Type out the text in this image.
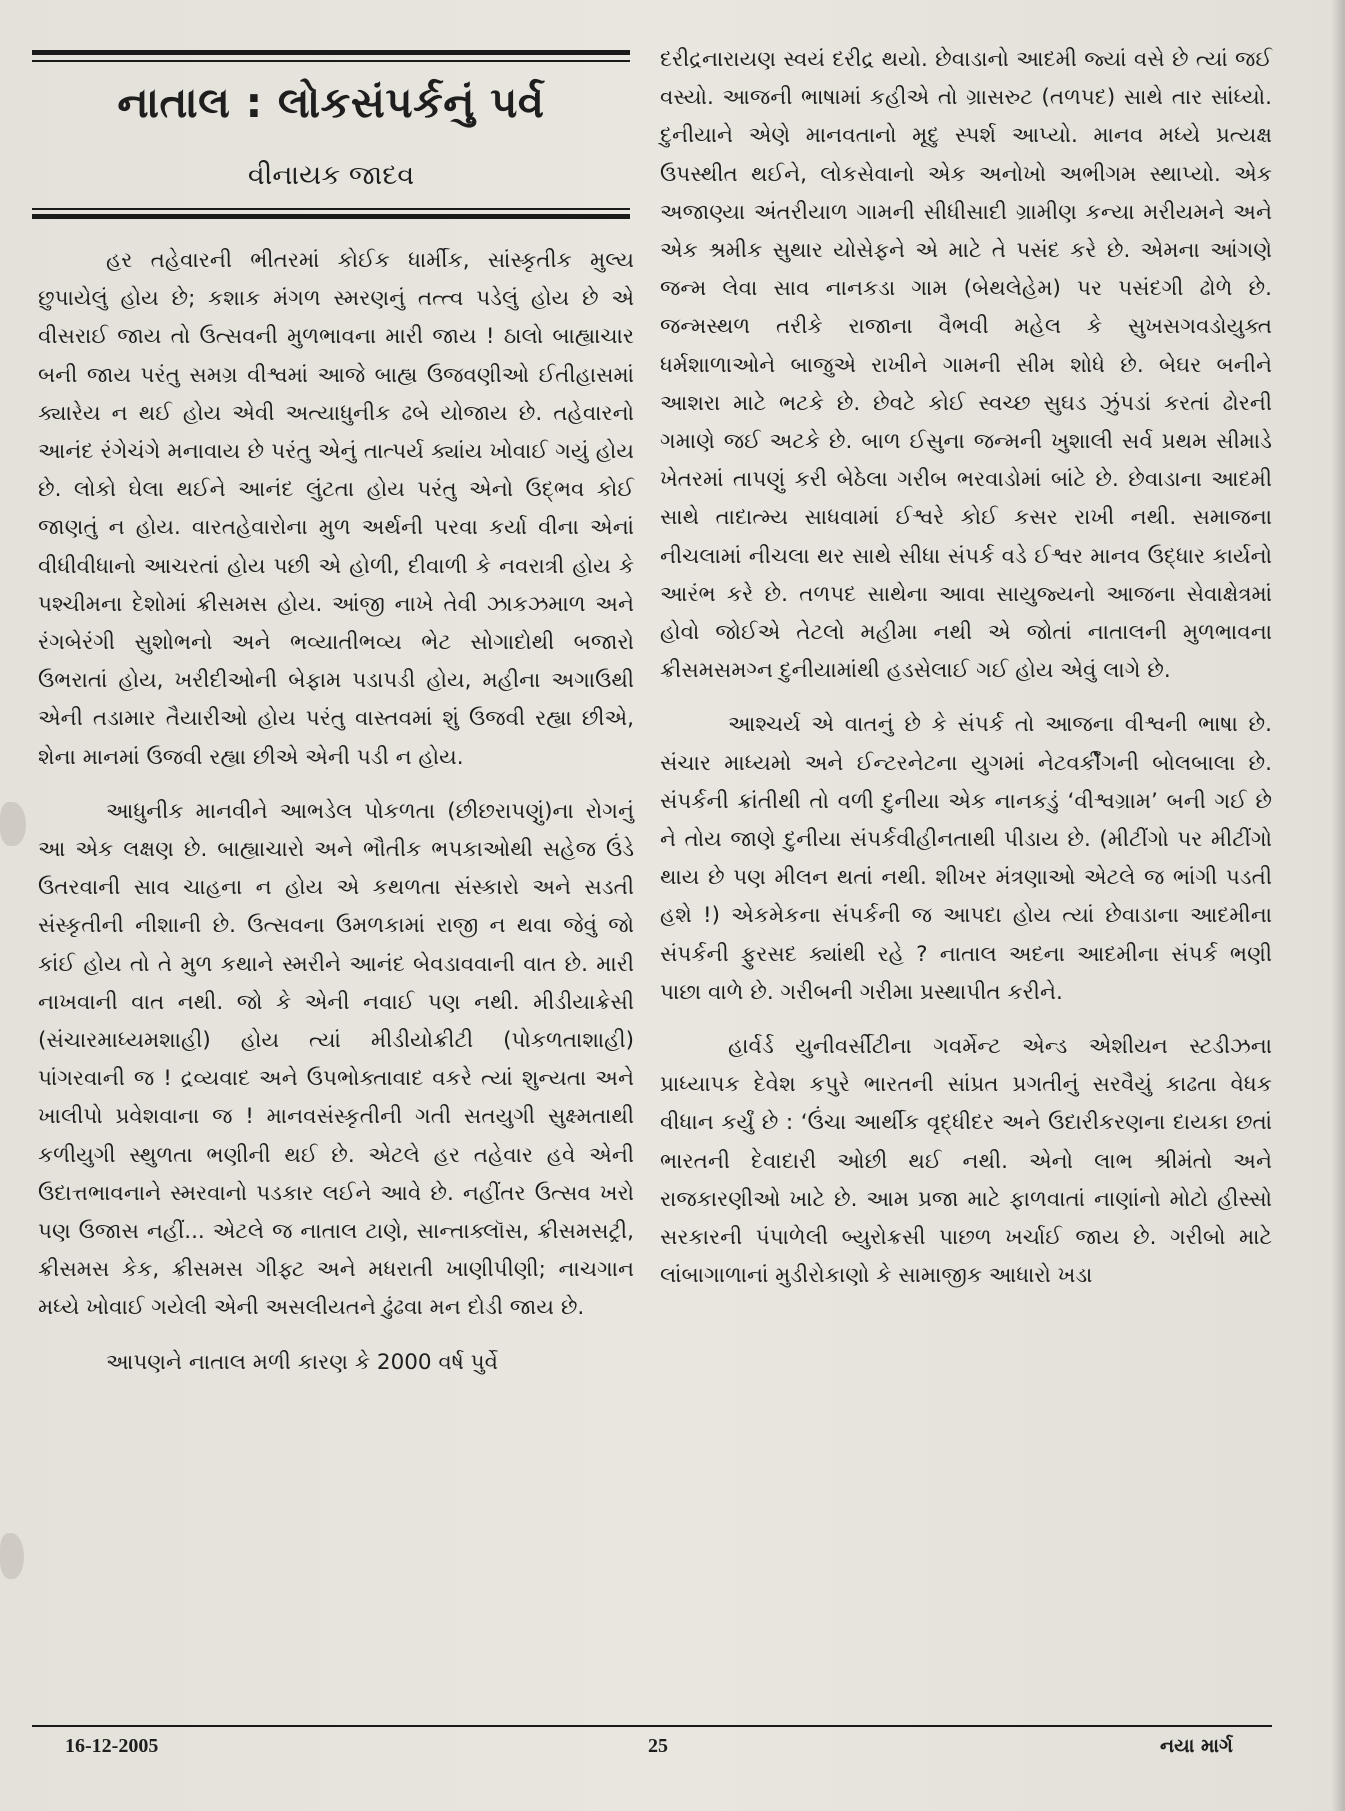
નાતાલ : લોકસંપર્કનું પર્વ
વીનાયક જાદવ

હર તહેવારની ભીતરમાં કોઈક ધાર્મીક, સાંસ્કૃતીક મુલ્ય છુપાયેલું હોય છે; કશાક મંગળ સ્મરણનું તત્ત્વ પડેલું હોય છે એ વીસરાઈ જાય તો ઉત્સવની મુળભાવના મારી જાય ! ઠાલો બાહ્યાચાર બની જાય પરંતુ સમગ્ર વીશ્વમાં આજે બાહ્ય ઉજવણીઓ ઈતીહાસમાં ક્યારેય ન થઈ હોય એવી અત્યાધુનીક ઢબે યોજાય છે. તહેવારનો આનંદ રંગેચંગે મનાવાય છે પરંતુ એનું તાત્પર્ય ક્યાંય ખોવાઈ ગયું હોય છે. લોકો ઘેલા થઈને આનંદ લુંટતા હોય પરંતુ એનો ઉદ્ભવ કોઈ જાણતું ન હોય. વારતહેવારોના મુળ અર્થની પરવા કર્યા વીના એનાં વીધીવીધાનો આચરતાં હોય પછી એ હોળી, દીવાળી કે નવરાત્રી હોય કે પશ્ચીમના દેશોમાં ક્રીસમસ હોય. આંજી નાખે તેવી ઝાકઝમાળ અને રંગબેરંગી સુશોભનો અને ભવ્યાતીભવ્ય ભેટ સોગાદોથી બજારો ઉભરાતાં હોય, ખરીદીઓની બેફામ પડાપડી હોય, મહીના અગાઉથી એની તડામાર તૈયારીઓ હોય પરંતુ વાસ્તવમાં શું ઉજવી રહ્યા છીએ, શેના માનમાં ઉજવી રહ્યા છીએ એની પડી ન હોય.

આધુનીક માનવીને આભડેલ પોકળતા (છીછરાપણું)ના રોગનું આ એક લક્ષણ છે. બાહ્યાચારો અને ભૌતીક ભપકાઓથી સહેજ ઉંડે ઉતરવાની સાવ ચાહના ન હોય એ કથળતા સંસ્કારો અને સડતી સંસ્કૃતીની નીશાની છે. ઉત્સવના ઉમળકામાં રાજી ન થવા જેવું જો કાંઈ હોય તો તે મુળ કથાને સ્મરીને આનંદ બેવડાવવાની વાત છે. મારી નાખવાની વાત નથી. જો કે એની નવાઈ પણ નથી. મીડીયાક્રેસી (સંચારમાધ્યમશાહી) હોય ત્યાં મીડીયોક્રીટી (પોકળતાશાહી) પાંગરવાની જ ! દ્રવ્યવાદ અને ઉપભોક્તાવાદ વકરે ત્યાં શુન્યતા અને ખાલીપો પ્રવેશવાના જ ! માનવસંસ્કૃતીની ગતી સતયુગી સુક્ષ્મતાથી કળીયુગી સ્થુળતા ભણીની થઈ છે. એટલે હર તહેવાર હવે એની ઉદાત્તભાવનાને સ્મરવાનો પડકાર લઈને આવે છે. નહીંતર ઉત્સવ ખરો પણ ઉજાસ નહીં... એટલે જ નાતાલ ટાણે, સાન્તાક્લૉસ, ક્રીસમસટ્રી, ક્રીસમસ કેક, ક્રીસમસ ગીફ્ટ અને મધરાતી ખાણીપીણી; નાચગાન મધ્યે ખોવાઈ ગયેલી એની અસલીયતને ઢુંઢવા મન દોડી જાય છે.

આપણને નાતાલ મળી કારણ કે 2000 વર્ષ પુર્વે

દરીદ્રનારાયણ સ્વયં દરીદ્ર થયો. છેવાડાનો આદમી જ્યાં વસે છે ત્યાં જઈ વસ્યો. આજની ભાષામાં કહીએ તો ગ્રાસરુટ (તળપદ) સાથે તાર સાંધ્યો. દુનીયાને એણે માનવતાનો મૃદુ સ્પર્શ આપ્યો. માનવ મધ્યે પ્રત્યક્ષ ઉપસ્થીત થઈને, લોકસેવાનો એક અનોખો અભીગમ સ્થાપ્યો. એક અજાણ્યા અંતરીયાળ ગામની સીધીસાદી ગ્રામીણ કન્યા મરીયમને અને એક શ્રમીક સુથાર યોસેફને એ માટે તે પસંદ કરે છે. એમના આંગણે જન્મ લેવા સાવ નાનકડા ગામ (બેથલેહેમ) પર પસંદગી ઢોળે છે. જન્મસ્થળ તરીકે રાજાના વૈભવી મહેલ કે સુખસગવડોયુક્ત ધર્મશાળાઓને બાજુએ રાખીને ગામની સીમ શોધે છે. બેઘર બનીને આશરા માટે ભટકે છે. છેવટે કોઈ સ્વચ્છ સુઘડ ઝુંપડાં કરતાં ઢોરની ગમાણે જઈ અટકે છે. બાળ ઈસુના જન્મની ખુશાલી સર્વ પ્રથમ સીમાડે ખેતરમાં તાપણું કરી બેઠેલા ગરીબ ભરવાડોમાં બાંટે છે. છેવાડાના આદમી સાથે તાદાત્મ્ય સાધવામાં ઈશ્વરે કોઈ કસર રાખી નથી. સમાજના નીચલામાં નીચલા થર સાથે સીધા સંપર્ક વડે ઈશ્વર માનવ ઉદ્ધાર કાર્યનો આરંભ કરે છે. તળપદ સાથેના આવા સાયુજ્યનો આજના સેવાક્ષેત્રમાં હોવો જોઈએ તેટલો મહીમા નથી એ જોતાં નાતાલની મુળભાવના ક્રીસમસમગ્ન દુનીયામાંથી હડસેલાઈ ગઈ હોય એવું લાગે છે.

આશ્ચર્ય એ વાતનું છે કે સંપર્ક તો આજના વીશ્વની ભાષા છે. સંચાર માધ્યમો અને ઈન્ટરનેટના યુગમાં નેટવર્કીંગની બોલબાલા છે. સંપર્કની ક્રાંતીથી તો વળી દુનીયા એક નાનકડું ‘વીશ્વગ્રામ’ બની ગઈ છે ને તોય જાણે દુનીયા સંપર્કવીહીનતાથી પીડાય છે. (મીટીંગો પર મીટીંગો થાય છે પણ મીલન થતાં નથી. શીખર મંત્રણાઓ એટલે જ ભાંગી પડતી હશે !) એકમેકના સંપર્કની જ આપદા હોય ત્યાં છેવાડાના આદમીના સંપર્કની ફુરસદ ક્યાંથી રહે ? નાતાલ અદના આદમીના સંપર્ક ભણી પાછા વાળે છે. ગરીબની ગરીમા પ્રસ્થાપીત કરીને.

હાર્વર્ડ યુનીવર્સીટીના ગવર્મેન્ટ એન્ડ એશીયન સ્ટડીઝના પ્રાધ્યાપક દેવેશ કપુરે ભારતની સાંપ્રત પ્રગતીનું સરવૈયું કાઢતા વેધક વીધાન કર્યું છે : ‘ઉંચા આર્થીક વૃદ્ધીદર અને ઉદારીકરણના દાયકા છતાં ભારતની દેવાદારી ઓછી થઈ નથી. એનો લાભ શ્રીમંતો અને રાજકારણીઓ ખાટે છે. આમ પ્રજા માટે ફાળવાતાં નાણાંનો મોટો હીસ્સો સરકારની પંપાળેલી બ્યુરોક્રસી પાછળ ખર્ચાઈ જાય છે. ગરીબો માટે લાંબાગાળાનાં મુડીરોકાણો કે સામાજીક આધારો ખડા

16-12-2005	25	નયા માર્ગ
